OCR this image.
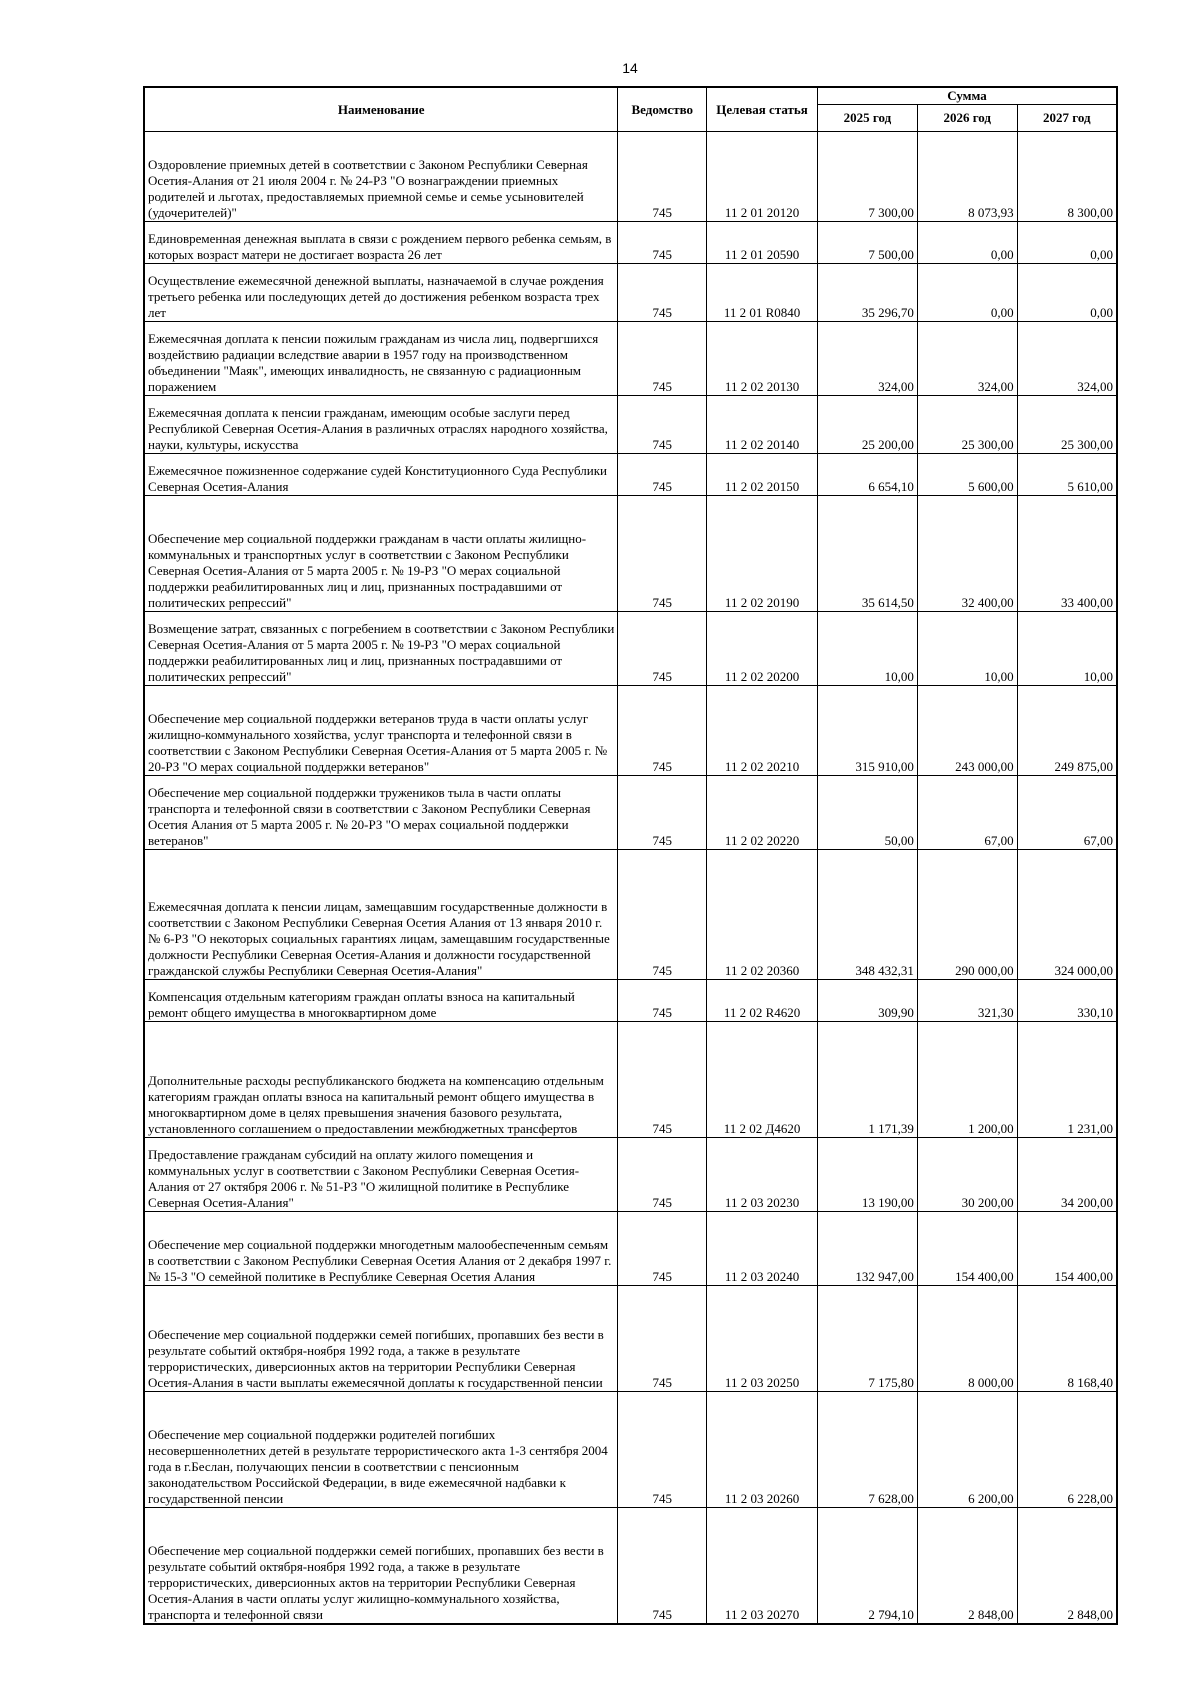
14
Наименование	Ведомство	Целевая статья	Сумма		
			2025 год	2026 год	2027 год
Оздоровление приемных детей в соответствии с Законом Республики Северная Осетия-Алания от 21 июля 2004 г. № 24-РЗ "О вознаграждении приемных родителей и льготах, предоставляемых приемной семье и семье усыновителей (удочерителей)"	745	11 2 01 20120	7 300,00	8 073,93	8 300,00
Единовременная денежная выплата в связи с рождением первого ребенка семьям, в которых возраст матери не достигает возраста 26 лет	745	11 2 01 20590	7 500,00	0,00	0,00
Осуществление ежемесячной денежной выплаты, назначаемой в случае рождения третьего ребенка или последующих детей до достижения ребенком возраста трех лет	745	11 2 01 R0840	35 296,70	0,00	0,00
Ежемесячная доплата к пенсии пожилым гражданам из числа лиц, подвергшихся воздействию радиации вследствие аварии в 1957 году на производственном объединении "Маяк", имеющих инвалидность, не связанную с радиационным поражением	745	11 2 02 20130	324,00	324,00	324,00
Ежемесячная доплата к пенсии гражданам, имеющим особые заслуги перед Республикой Северная Осетия-Алания в различных отраслях народного хозяйства, науки, культуры, искусства	745	11 2 02 20140	25 200,00	25 300,00	25 300,00
Ежемесячное пожизненное содержание судей Конституционного Суда Республики Северная Осетия-Алания	745	11 2 02 20150	6 654,10	5 600,00	5 610,00
Обеспечение мер социальной поддержки гражданам в части оплаты жилищно-коммунальных и транспортных услуг в соответствии с Законом Республики Северная Осетия-Алания от 5 марта 2005 г. № 19-РЗ "О мерах социальной поддержки реабилитированных лиц и лиц, признанных пострадавшими от политических репрессий"	745	11 2 02 20190	35 614,50	32 400,00	33 400,00
Возмещение затрат, связанных с погребением в соответствии с Законом Республики Северная Осетия-Алания от 5 марта 2005 г. № 19-РЗ "О мерах социальной поддержки реабилитированных лиц и лиц, признанных пострадавшими от политических репрессий"	745	11 2 02 20200	10,00	10,00	10,00
Обеспечение мер социальной поддержки ветеранов труда в части оплаты услуг жилищно-коммунального хозяйства, услуг транспорта и телефонной связи в соответствии с Законом Республики Северная Осетия-Алания от 5 марта 2005 г. № 20-РЗ "О мерах социальной поддержки ветеранов"	745	11 2 02 20210	315 910,00	243 000,00	249 875,00
Обеспечение мер социальной поддержки тружеников тыла в части оплаты транспорта и телефонной связи в соответствии с Законом Республики Северная Осетия Алания от 5 марта 2005 г. № 20-РЗ "О мерах социальной поддержки ветеранов"	745	11 2 02 20220	50,00	67,00	67,00
Ежемесячная доплата к пенсии лицам, замещавшим государственные должности в соответствии с Законом Республики Северная Осетия Алания от 13 января 2010 г. № 6-РЗ "О некоторых социальных гарантиях лицам, замещавшим государственные должности Республики Северная Осетия-Алания и должности государственной гражданской службы Республики Северная Осетия-Алания"	745	11 2 02 20360	348 432,31	290 000,00	324 000,00
Компенсация отдельным категориям граждан оплаты взноса на капитальный ремонт общего имущества в многоквартирном доме	745	11 2 02 R4620	309,90	321,30	330,10
Дополнительные расходы республиканского бюджета на компенсацию отдельным категориям граждан оплаты взноса на капитальный ремонт общего имущества в многоквартирном доме в целях превышения значения базового результата, установленного соглашением о предоставлении межбюджетных трансфертов	745	11 2 02 Д4620	1 171,39	1 200,00	1 231,00
Предоставление гражданам субсидий на оплату жилого помещения и коммунальных услуг в соответствии с Законом Республики Северная Осетия-Алания от 27 октября 2006 г. № 51-РЗ "О жилищной политике в Республике Северная Осетия-Алания"	745	11 2 03 20230	13 190,00	30 200,00	34 200,00
Обеспечение мер социальной поддержки многодетным малообеспеченным семьям в соответствии с Законом Республики Северная Осетия Алания от 2 декабря 1997 г. № 15-З "О семейной политике в Республике Северная Осетия Алания	745	11 2 03 20240	132 947,00	154 400,00	154 400,00
Обеспечение мер социальной поддержки семей погибших, пропавших без вести в результате событий октября-ноября 1992 года, а также в результате террористических, диверсионных актов на территории Республики Северная Осетия-Алания в части выплаты ежемесячной доплаты к государственной пенсии	745	11 2 03 20250	7 175,80	8 000,00	8 168,40
Обеспечение мер социальной поддержки родителей погибших несовершеннолетних детей в результате террористического акта 1-3 сентября 2004 года в г.Беслан, получающих пенсии в соответствии с пенсионным законодательством Российской Федерации, в виде ежемесячной надбавки к государственной пенсии	745	11 2 03 20260	7 628,00	6 200,00	6 228,00
Обеспечение мер социальной поддержки семей погибших, пропавших без вести в результате событий октября-ноября 1992 года, а также в результате террористических, диверсионных актов на территории Республики Северная Осетия-Алания в части оплаты услуг жилищно-коммунального хозяйства, транспорта и телефонной связи	745	11 2 03 20270	2 794,10	2 848,00	2 848,00
